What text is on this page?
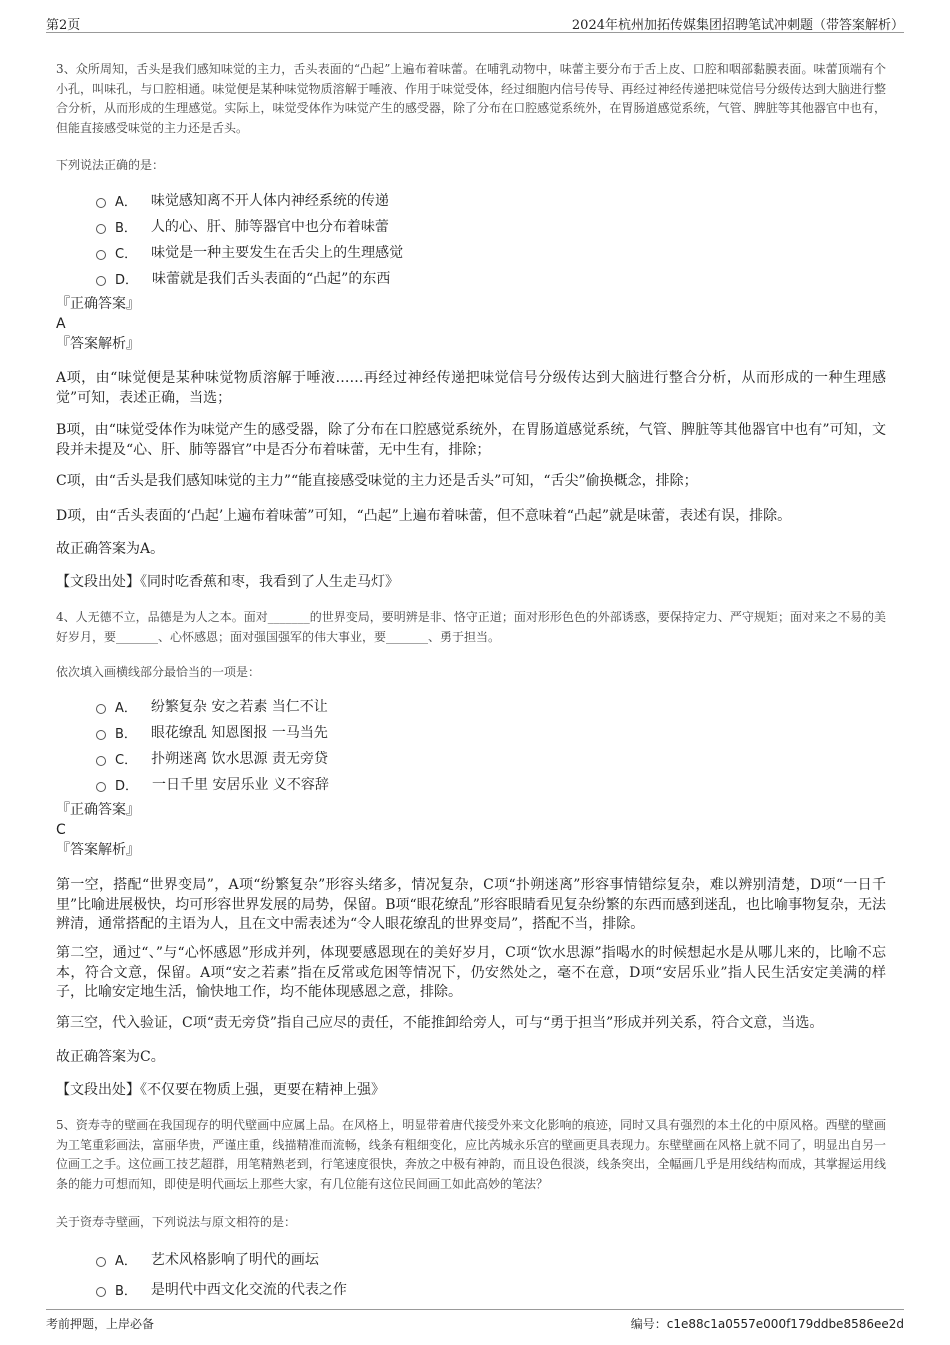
第2页	2024年杭州加拓传媒集团招聘笔试冲刺题（带答案解析）
3、众所周知，舌头是我们感知味觉的主力，舌头表面的“凸起”上遍布着味蕾。在哺乳动物中，味蕾主要分布于舌上皮、口腔和咽部黏膜表面。味蕾顶端有个小孔，叫味孔，与口腔相通。味觉便是某种味觉物质溶解于唾液、作用于味觉受体，经过细胞内信号传导、再经过神经传递把味觉信号分级传达到大脑进行整合分析，从而形成的生理感觉。实际上，味觉受体作为味觉产生的感受器，除了分布在口腔感觉系统外，在胃肠道感觉系统，气管、脾脏等其他器官中也有，但能直接感受味觉的主力还是舌头。
下列说法正确的是：
A． 味觉感知离不开人体内神经系统的传递
B． 人的心、肝、肺等器官中也分布着味蕾
C． 味觉是一种主要发生在舌尖上的生理感觉
D． 味蕾就是我们舌头表面的“凸起”的东西
『正确答案』
A
『答案解析』
A项，由“味觉便是某种味觉物质溶解于唾液……再经过神经传递把味觉信号分级传达到大脑进行整合分析，从而形成的一种生理感觉”可知，表述正确，当选；
B项，由“味觉受体作为味觉产生的感受器，除了分布在口腔感觉系统外，在胃肠道感觉系统，气管、脾脏等其他器官中也有”可知，文段并未提及“心、肝、肺等器官”中是否分布着味蕾，无中生有，排除；
C项，由“舌头是我们感知味觉的主力”“能直接感受味觉的主力还是舌头”可知，“舌尖”偷换概念，排除；
D项，由“舌头表面的‘凸起’上遍布着味蕾”可知，“凸起”上遍布着味蕾，但不意味着“凸起”就是味蕾，表述有误，排除。
故正确答案为A。
【文段出处】《同时吃香蕉和枣，我看到了人生走马灯》
4、人无德不立，品德是为人之本。面对_______的世界变局，要明辨是非、恪守正道；面对形形色色的外部诱惑，要保持定力、严守规矩；面对来之不易的美好岁月，要_______、心怀感恩；面对强国强军的伟大事业，要_______、勇于担当。
依次填入画横线部分最恰当的一项是：
A． 纷繁复杂 安之若素 当仁不让
B． 眼花缭乱 知恩图报 一马当先
C． 扑朔迷离 饮水思源 责无旁贷
D． 一日千里 安居乐业 义不容辞
『正确答案』
C
『答案解析』
第一空，搭配“世界变局”，A项“纷繁复杂”形容头绪多，情况复杂，C项“扑朔迷离”形容事情错综复杂，难以辨别清楚，D项“一日千里”比喻进展极快，均可形容世界发展的局势，保留。B项“眼花缭乱”形容眼睛看见复杂纷繁的东西而感到迷乱，也比喻事物复杂，无法辨清，通常搭配的主语为人，且在文中需表述为“令人眼花缭乱的世界变局”，搭配不当，排除。
第二空，通过“、”与“心怀感恩”形成并列，体现要感恩现在的美好岁月，C项“饮水思源”指喝水的时候想起水是从哪儿来的，比喻不忘本，符合文意，保留。A项“安之若素”指在反常或危困等情况下，仍安然处之，毫不在意，D项“安居乐业”指人民生活安定美满的样子，比喻安定地生活，愉快地工作，均不能体现感恩之意，排除。
第三空，代入验证，C项“责无旁贷”指自己应尽的责任，不能推卸给旁人，可与“勇于担当”形成并列关系，符合文意，当选。
故正确答案为C。
【文段出处】《不仅要在物质上强，更要在精神上强》
5、资寿寺的壁画在我国现存的明代壁画中应属上品。在风格上，明显带着唐代接受外来文化影响的痕迹，同时又具有强烈的本土化的中原风格。西壁的壁画为工笔重彩画法，富丽华贵，严谨庄重，线描精准而流畅，线条有粗细变化，应比芮城永乐宫的壁画更具表现力。东壁壁画在风格上就不同了，明显出自另一位画工之手。这位画工技艺超群，用笔精熟老到，行笔速度很快，奔放之中极有神韵，而且设色很淡，线条突出，全幅画几乎是用线结构而成，其掌握运用线条的能力可想而知，即使是明代画坛上那些大家，有几位能有这位民间画工如此高妙的笔法？
关于资寿寺壁画，下列说法与原文相符的是：
A． 艺术风格影响了明代的画坛
B． 是明代中西文化交流的代表之作
考前押题，上岸必备	编号：c1e88c1a0557e000f179ddbe8586ee2d
